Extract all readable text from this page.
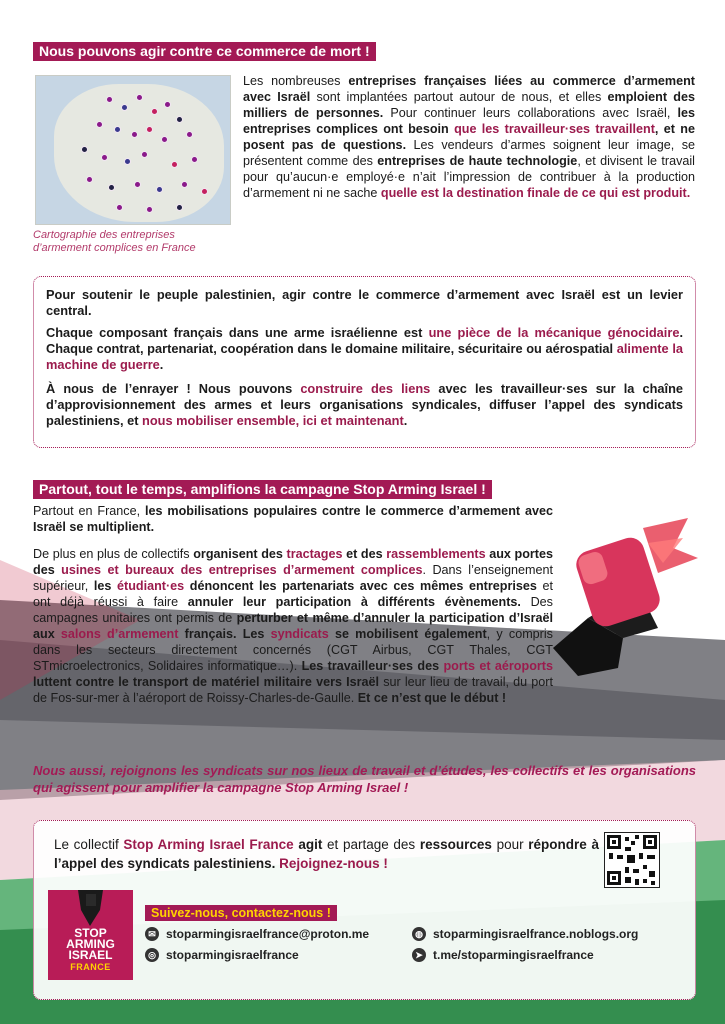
Nous pouvons agir contre ce commerce de mort !
Cartographie des entreprises d’armement complices en France
Les nombreuses entreprises françaises liées au commerce d’armement avec Israël sont implantées partout autour de nous, et elles emploient des milliers de personnes. Pour continuer leurs collaborations avec Israël, les entreprises complices ont besoin que les travailleur·ses travaillent, et ne posent pas de questions. Les vendeurs d’armes soignent leur image, se présentent comme des entreprises de haute technologie, et divisent le travail pour qu’aucun·e employé·e n’ait l’impression de contribuer à la production d’armement ni ne sache quelle est la destination finale de ce qui est produit.
Pour soutenir le peuple palestinien, agir contre le commerce d’armement avec Israël est un levier central.
Chaque composant français dans une arme israélienne est une pièce de la mécanique génocidaire. Chaque contrat, partenariat, coopération dans le domaine militaire, sécuritaire ou aérospatial alimente la machine de guerre.
À nous de l’enrayer ! Nous pouvons construire des liens avec les travailleur·ses sur la chaîne d’approvisionnement des armes et leurs organisations syndicales, diffuser l’appel des syndicats palestiniens, et nous mobiliser ensemble, ici et maintenant.
Partout, tout le temps, amplifions la campagne Stop Arming Israel !
Partout en France, les mobilisations populaires contre le commerce d’armement avec Israël se multiplient.
De plus en plus de collectifs organisent des tractages et des rassemblements aux portes des usines et bureaux des entreprises d’armement complices. Dans l’enseignement supérieur, les étudiant·es dénoncent les partenariats avec ces mêmes entreprises et ont déjà réussi à faire annuler leur participation à différents évènements. Des campagnes unitaires ont permis de perturber et même d’annuler la participation d’Israël aux salons d’armement français. Les syndicats se mobilisent également, y compris dans les secteurs directement concernés (CGT Airbus, CGT Thales, CGT STmicroelectronics, Solidaires informatique…). Les travailleur·ses des ports et aéroports luttent contre le transport de matériel militaire vers Israël sur leur lieu de travail, du port de Fos-sur-mer à l’aéroport de Roissy-Charles-de-Gaulle. Et ce n’est que le début !
Nous aussi, rejoignons les syndicats sur nos lieux de travail et d’études, les collectifs et les organisations qui agissent pour amplifier la campagne Stop Arming Israel !
Le collectif Stop Arming Israel France agit et partage des ressources pour répondre à l’appel des syndicats palestiniens. Rejoignez-nous !
STOP
ARMING
ISRAEL
FRANCE
Suivez-nous, contactez-nous !
✉ stoparmingisraelfrance@proton.me
◎ stoparmingisraelfrance
◍ stoparmingisraelfrance.noblogs.org
➤ t.me/stoparmingisraelfrance
